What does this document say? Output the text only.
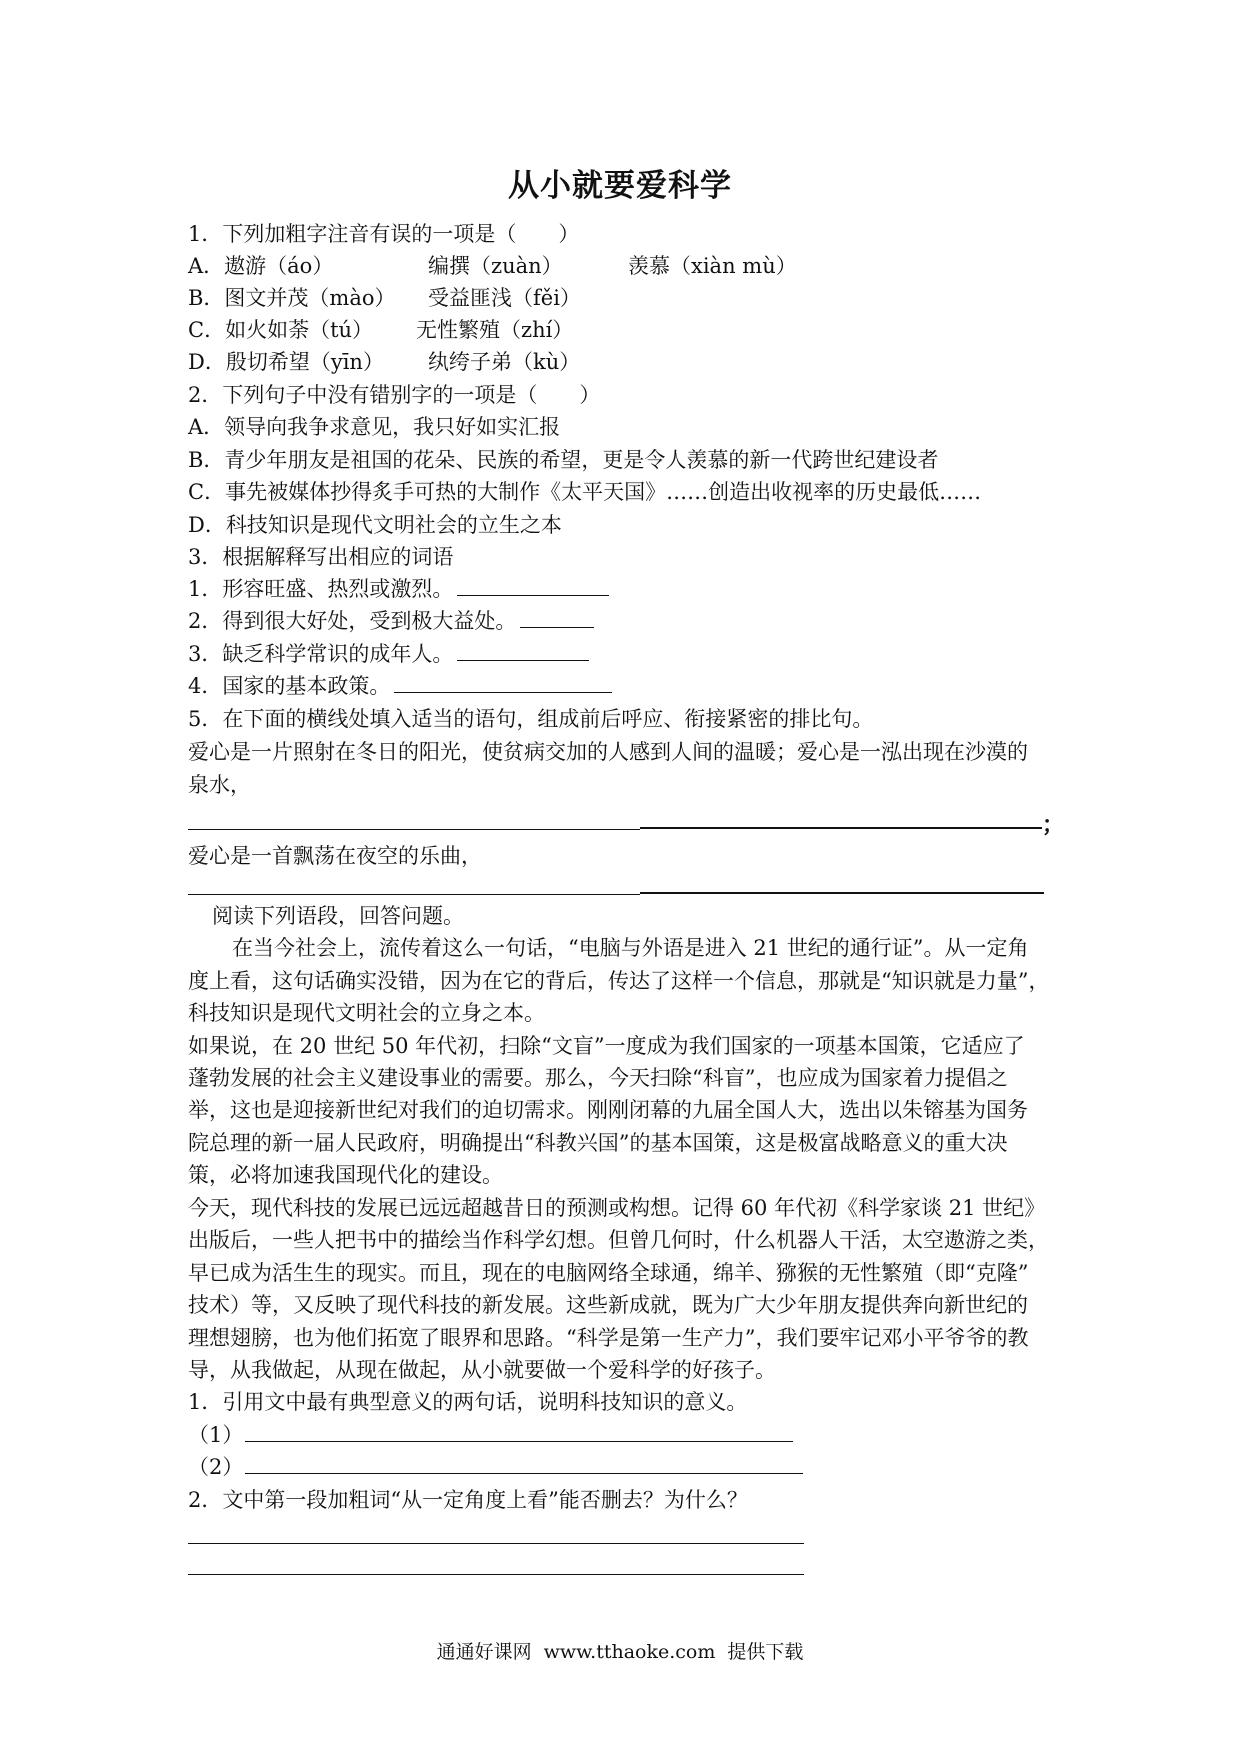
从小就要爱科学
1．下列加粗字注音有误的一项是（　　）
A．遨游（áo）	编撰（zuàn）	羡慕（xiàn mù）
B．图文并茂（mào） 受益匪浅（fěi）
C．如火如荼（tú） 无性繁殖（zhí）
D．殷切希望（yīn） 纨绔子弟（kù）
2．下列句子中没有错别字的一项是（　　）
A．领导向我争求意见，我只好如实汇报
B．青少年朋友是祖国的花朵、民族的希望，更是令人羡慕的新一代跨世纪建设者
C．事先被媒体抄得炙手可热的大制作《太平天国》……创造出收视率的历史最低……
D．科技知识是现代文明社会的立生之本
3．根据解释写出相应的词语
1．形容旺盛、热烈或激烈。
2．得到很大好处，受到极大益处。
3．缺乏科学常识的成年人。
4．国家的基本政策。
5．在下面的横线处填入适当的语句，组成前后呼应、衔接紧密的排比句。
爱心是一片照射在冬日的阳光，使贫病交加的人感到人间的温暖；爱心是一泓出现在沙漠的
泉水，
；
爱心是一首飘荡在夜空的乐曲，
阅读下列语段，回答问题。
在当今社会上，流传着这么一句话，“电脑与外语是进入 21 世纪的通行证”。从一定角
度上看，这句话确实没错，因为在它的背后，传达了这样一个信息，那就是“知识就是力量”，
科技知识是现代文明社会的立身之本。
如果说，在 20 世纪 50 年代初，扫除“文盲”一度成为我们国家的一项基本国策，它适应了
蓬勃发展的社会主义建设事业的需要。那么，今天扫除“科盲”，也应成为国家着力提倡之
举，这也是迎接新世纪对我们的迫切需求。刚刚闭幕的九届全国人大，选出以朱镕基为国务
院总理的新一届人民政府，明确提出“科教兴国”的基本国策，这是极富战略意义的重大决
策，必将加速我国现代化的建设。
今天，现代科技的发展已远远超越昔日的预测或构想。记得 60 年代初《科学家谈 21 世纪》
出版后，一些人把书中的描绘当作科学幻想。但曾几何时，什么机器人干活，太空遨游之类，
早已成为活生生的现实。而且，现在的电脑网络全球通，绵羊、猕猴的无性繁殖（即“克隆”
技术）等，又反映了现代科技的新发展。这些新成就，既为广大少年朋友提供奔向新世纪的
理想翅膀，也为他们拓宽了眼界和思路。“科学是第一生产力”，我们要牢记邓小平爷爷的教
导，从我做起，从现在做起，从小就要做一个爱科学的好孩子。
1．引用文中最有典型意义的两句话，说明科技知识的意义。
（1）
（2）
2．文中第一段加粗词“从一定角度上看”能否删去？为什么？
通通好课网 www.tthaoke.com 提供下载
